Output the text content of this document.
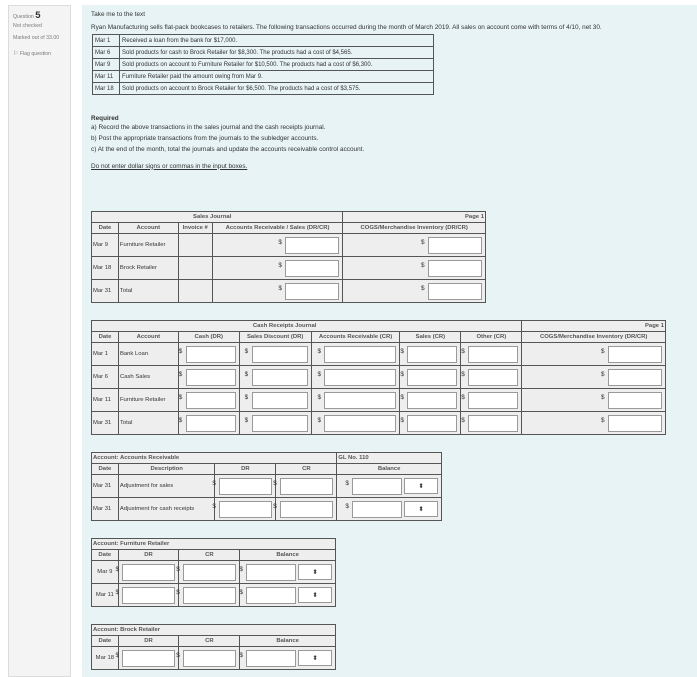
Question 5
Not checked
Marked out of 33.00
⚐ Flag question

Take me to the text

Ryan Manufacturing sells flat-pack bookcases to retailers. The following transactions occurred during the month of March 2019. All sales on account come with terms of 4/10, net 30.

Mar 1	Received a loan from the bank for $17,000.
Mar 6	Sold products for cash to Brock Retailer for $8,300. The products had a cost of $4,565.
Mar 9	Sold products on account to Furniture Retailer for $10,500. The products had a cost of $6,300.
Mar 11	Furniture Retailer paid the amount owing from Mar 9.
Mar 18	Sold products on account to Brock Retailer for $6,500. The products had a cost of $3,575.
Required
a) Record the above transactions in the sales journal and the cash receipts journal.
b) Post the appropriate transactions from the journals to the subledger accounts.
c) At the end of the month, total the journals and update the accounts receivable control account.
Do not enter dollar signs or commas in the input boxes.
Sales Journal				Page 1
Date	Account	Invoice #	Accounts Receivable / Sales (DR/CR)	COGS/Merchandise Inventory (DR/CR)
Mar 9	Furniture Retailer		$	$

Mar 18	Brock Retailer		$	$

Mar 31	Total		$	$
Cash Receipts Journal							Page 1
Date	Account	Cash (DR)	Sales Discount (DR)	Accounts Receivable (CR)	Sales (CR)	Other (CR)	COGS/Merchandise Inventory (DR/CR)
Mar 1	Bank Loan	$	$	$	$	$	$

Mar 6	Cash Sales	$	$	$	$	$	$

Mar 11	Furniture Retailer	$	$	$	$	$	$

Mar 31	Total	$	$	$	$	$	$
Account: Accounts Receivable				GL No. 110
Date	Description	DR	CR	Balance
Mar 31	Adjustment for sales	$	$	$ ⬍
Mar 31	Adjustment for cash receipts	$	$	$ ⬍
Account: Furniture Retailer			
Date	DR	CR	Balance
Mar 9	$	$	$ ⬍
Mar 11	$	$	$ ⬍
Account: Brock Retailer			
Date	DR	CR	Balance
Mar 18	$	$	$ ⬍
